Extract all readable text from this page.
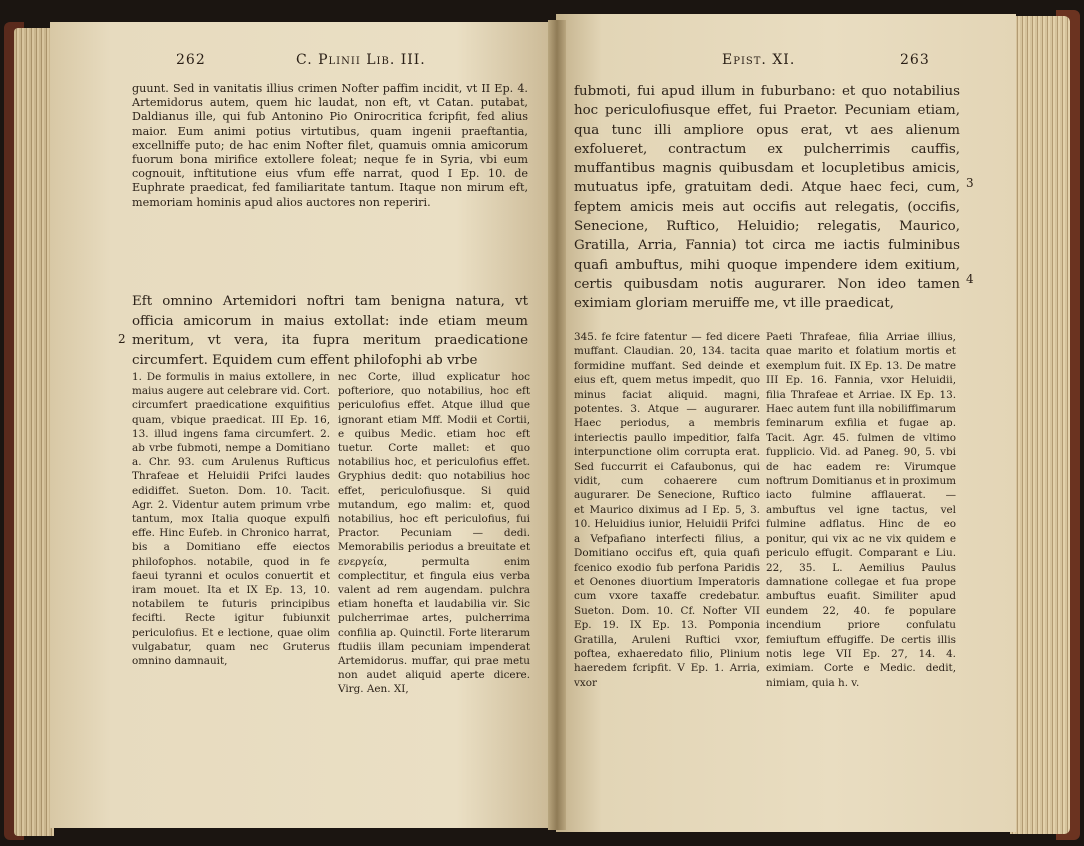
262	C. Plinii Lib. III.

guunt. Sed in vanitatis illius crimen Nofter paffim incidit, vt II Ep. 4. Artemidorus autem, quem hic laudat, non eft, vt Catan. putabat, Daldianus ille, qui fub Antonino Pio Onirocritica fcripfit, fed alius maior. Eum animi potius virtutibus, quam ingenii praeftantia, excellniffe puto; de hac enim Nofter filet, quamuis omnia amicorum fuorum bona mirifice extollere foleat; neque fe in Syria, vbi eum cognouit, inftitutione eius vfum effe narrat, quod I Ep. 10. de Euphrate praedicat, fed familiaritate tantum. Itaque non mirum eft, memoriam hominis apud alios auctores non reperiri.

Eft omnino Artemidori noftri tam benigna natura, vt officia amicorum in maius extollat: inde etiam meum meritum, vt vera, ita fupra meritum praedicatione circumfert. Equidem cum effent philofophi ab vrbe

2

1. De formulis in maius extollere, in maius augere aut celebrare vid. Cort. circumfert praedicatione exquifitius quam, vbique praedicat. III Ep. 16, 13. illud ingens fama circumfert. 2. ab vrbe fubmoti, nempe a Domitiano a. Chr. 93. cum Arulenus Rufticus Thrafeae et Heluidii Prifci laudes edidiffet. Sueton. Dom. 10. Tacit. Agr. 2. Videntur autem primum vrbe tantum, mox Italia quoque expulfi effe. Hinc Eufeb. in Chronico harrat, bis a Domitiano effe eiectos philofophos. notabile, quod in fe faeui tyranni et oculos conuertit et iram mouet. Ita et IX Ep. 13, 10. notabilem te futuris principibus fecifti. Recte igitur fubiunxit periculofius. Et e lectione, quae olim vulgabatur, quam nec Gruterus omnino damnauit,

nec Corte, illud explicatur hoc pofteriore, quo notabilius, hoc eft periculofius effet. Atque illud que ignorant etiam Mff. Modii et Cortii, e quibus Medic. etiam hoc eft tuetur. Corte mallet: et quo notabilius hoc, et periculofius effet. Gryphius dedit: quo notabilius hoc effet, periculofiusque. Si quid mutandum, ego malim: et, quod notabilius, hoc eft periculofius, fui Practor. Pecuniam — dedi. Memorabilis periodus a breuitate et ενεργεία, permulta enim complectitur, et fingula eius verba valent ad rem augendam. pulchra etiam honefta et laudabilia vir. Sic pulcherrimae artes, pulcherrima confilia ap. Quinctil. Forte literarum ftudiis illam pecuniam impenderat Artemidorus. muffar, qui prae metu non audet aliquid aperte dicere. Virg. Aen. XI,

Epist. XI.	263

fubmoti, fui apud illum in fuburbano: et quo notabilius hoc periculofiusque effet, fui Praetor. Pecuniam etiam, qua tunc illi ampliore opus erat, vt aes alienum exfolueret, contractum ex pulcherrimis cauffis, muffantibus magnis quibusdam et locupletibus amicis, mutuatus ipfe, gratuitam dedi. Atque haec feci, cum, feptem amicis meis aut occifis aut relegatis, (occifis, Senecione, Ruftico, Heluidio; relegatis, Maurico, Gratilla, Arria, Fannia) tot circa me iactis fulminibus quafi ambuftus, mihi quoque impendere idem exitium, certis quibusdam notis augurarer. Non ideo tamen eximiam gloriam meruiffe me, vt ille praedicat,

3
4

345. fe fcire fatentur — fed dicere muffant. Claudian. 20, 134. tacita formidine muffant. Sed deinde et eius eft, quem metus impedit, quo minus faciat aliquid. magni, potentes. 3. Atque — augurarer. Haec periodus, a membris interiectis paullo impeditior, falfa interpunctione olim corrupta erat. Sed fuccurrit ei Cafaubonus, qui vidit, cum cohaerere cum augurarer. De Senecione, Ruftico et Maurico diximus ad I Ep. 5, 3. 10. Heluidius iunior, Heluidii Prifci a Vefpafiano interfecti filius, a Domitiano occifus eft, quia quafi fcenico exodio fub perfona Paridis et Oenones diuortium Imperatoris cum vxore taxaffe credebatur. Sueton. Dom. 10. Cf. Nofter VII Ep. 19. IX Ep. 13. Pomponia Gratilla, Aruleni Ruftici vxor, poftea, exhaeredato filio, Plinium haeredem fcripfit. V Ep. 1. Arria, vxor

Paeti Thrafeae, filia Arriae illius, quae marito et folatium mortis et exemplum fuit. IX Ep. 13. De matre III Ep. 16. Fannia, vxor Heluidii, filia Thrafeae et Arriae. IX Ep. 13. Haec autem funt illa nobiliffimarum feminarum exfilia et fugae ap. Tacit. Agr. 45. fulmen de vltimo fupplicio. Vid. ad Paneg. 90, 5. vbi de hac eadem re: Virumque noftrum Domitianus et in proximum iacto fulmine afflauerat. — ambuftus vel igne tactus, vel fulmine adflatus. Hinc de eo ponitur, qui vix ac ne vix quidem e periculo effugit. Comparant e Liu. 22, 35. L. Aemilius Paulus damnatione collegae et fua prope ambuftus euafit. Similiter apud eundem 22, 40. fe populare incendium priore confulatu femiuftum effugiffe. De certis illis notis lege VII Ep. 27, 14. 4. eximiam. Corte e Medic. dedit, nimiam, quia h. v.
